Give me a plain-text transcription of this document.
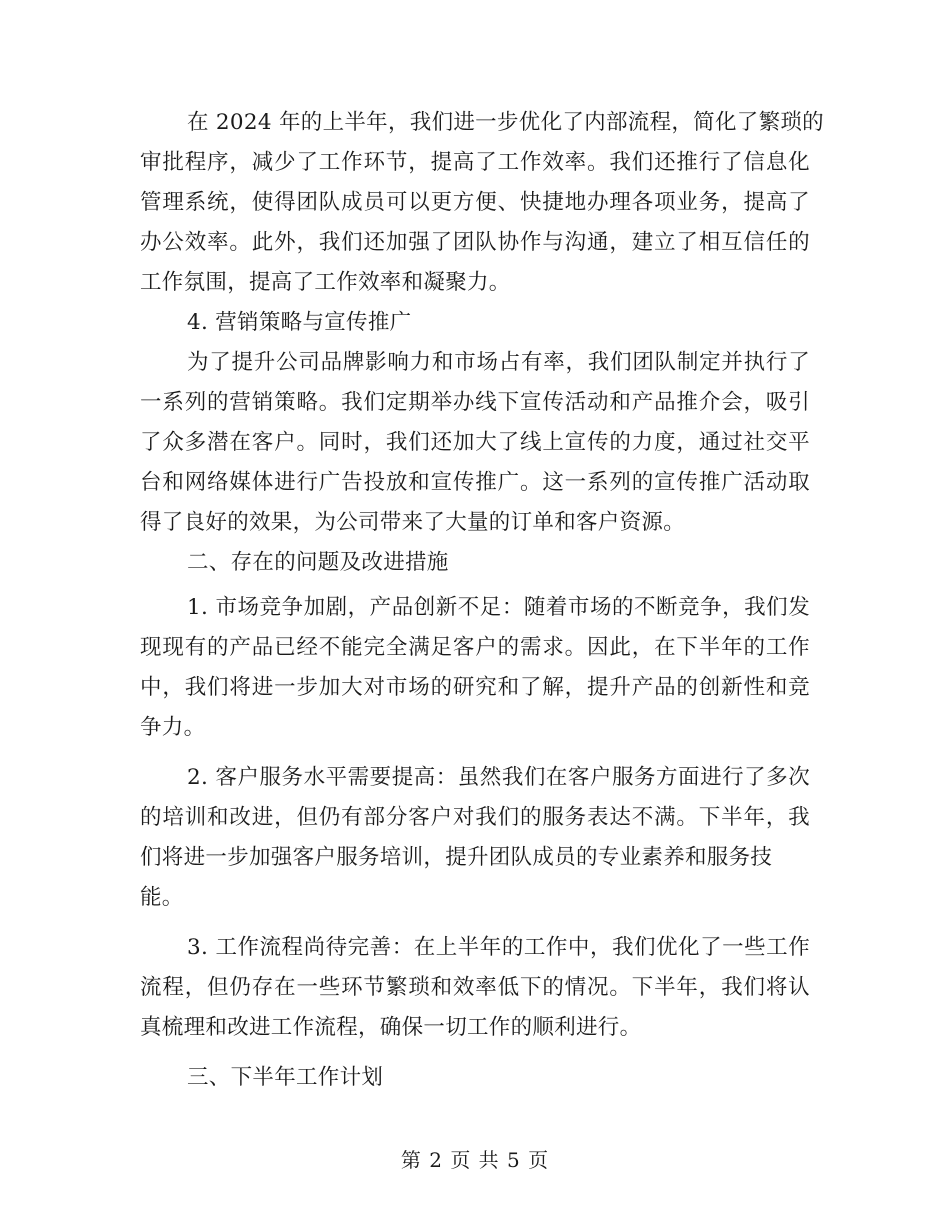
在 2024 年的上半年，我们进一步优化了内部流程，简化了繁琐的
审批程序，减少了工作环节，提高了工作效率。我们还推行了信息化
管理系统，使得团队成员可以更方便、快捷地办理各项业务，提高了
办公效率。此外，我们还加强了团队协作与沟通，建立了相互信任的
工作氛围，提高了工作效率和凝聚力。
4. 营销策略与宣传推广
为了提升公司品牌影响力和市场占有率，我们团队制定并执行了
一系列的营销策略。我们定期举办线下宣传活动和产品推介会，吸引
了众多潜在客户。同时，我们还加大了线上宣传的力度，通过社交平
台和网络媒体进行广告投放和宣传推广。这一系列的宣传推广活动取
得了良好的效果，为公司带来了大量的订单和客户资源。
二、存在的问题及改进措施
1. 市场竞争加剧，产品创新不足：随着市场的不断竞争，我们发
现现有的产品已经不能完全满足客户的需求。因此，在下半年的工作
中，我们将进一步加大对市场的研究和了解，提升产品的创新性和竞
争力。
2. 客户服务水平需要提高：虽然我们在客户服务方面进行了多次
的培训和改进，但仍有部分客户对我们的服务表达不满。下半年，我
们将进一步加强客户服务培训，提升团队成员的专业素养和服务技
能。
3. 工作流程尚待完善：在上半年的工作中，我们优化了一些工作
流程，但仍存在一些环节繁琐和效率低下的情况。下半年，我们将认
真梳理和改进工作流程，确保一切工作的顺利进行。
三、下半年工作计划
第 2 页 共 5 页
